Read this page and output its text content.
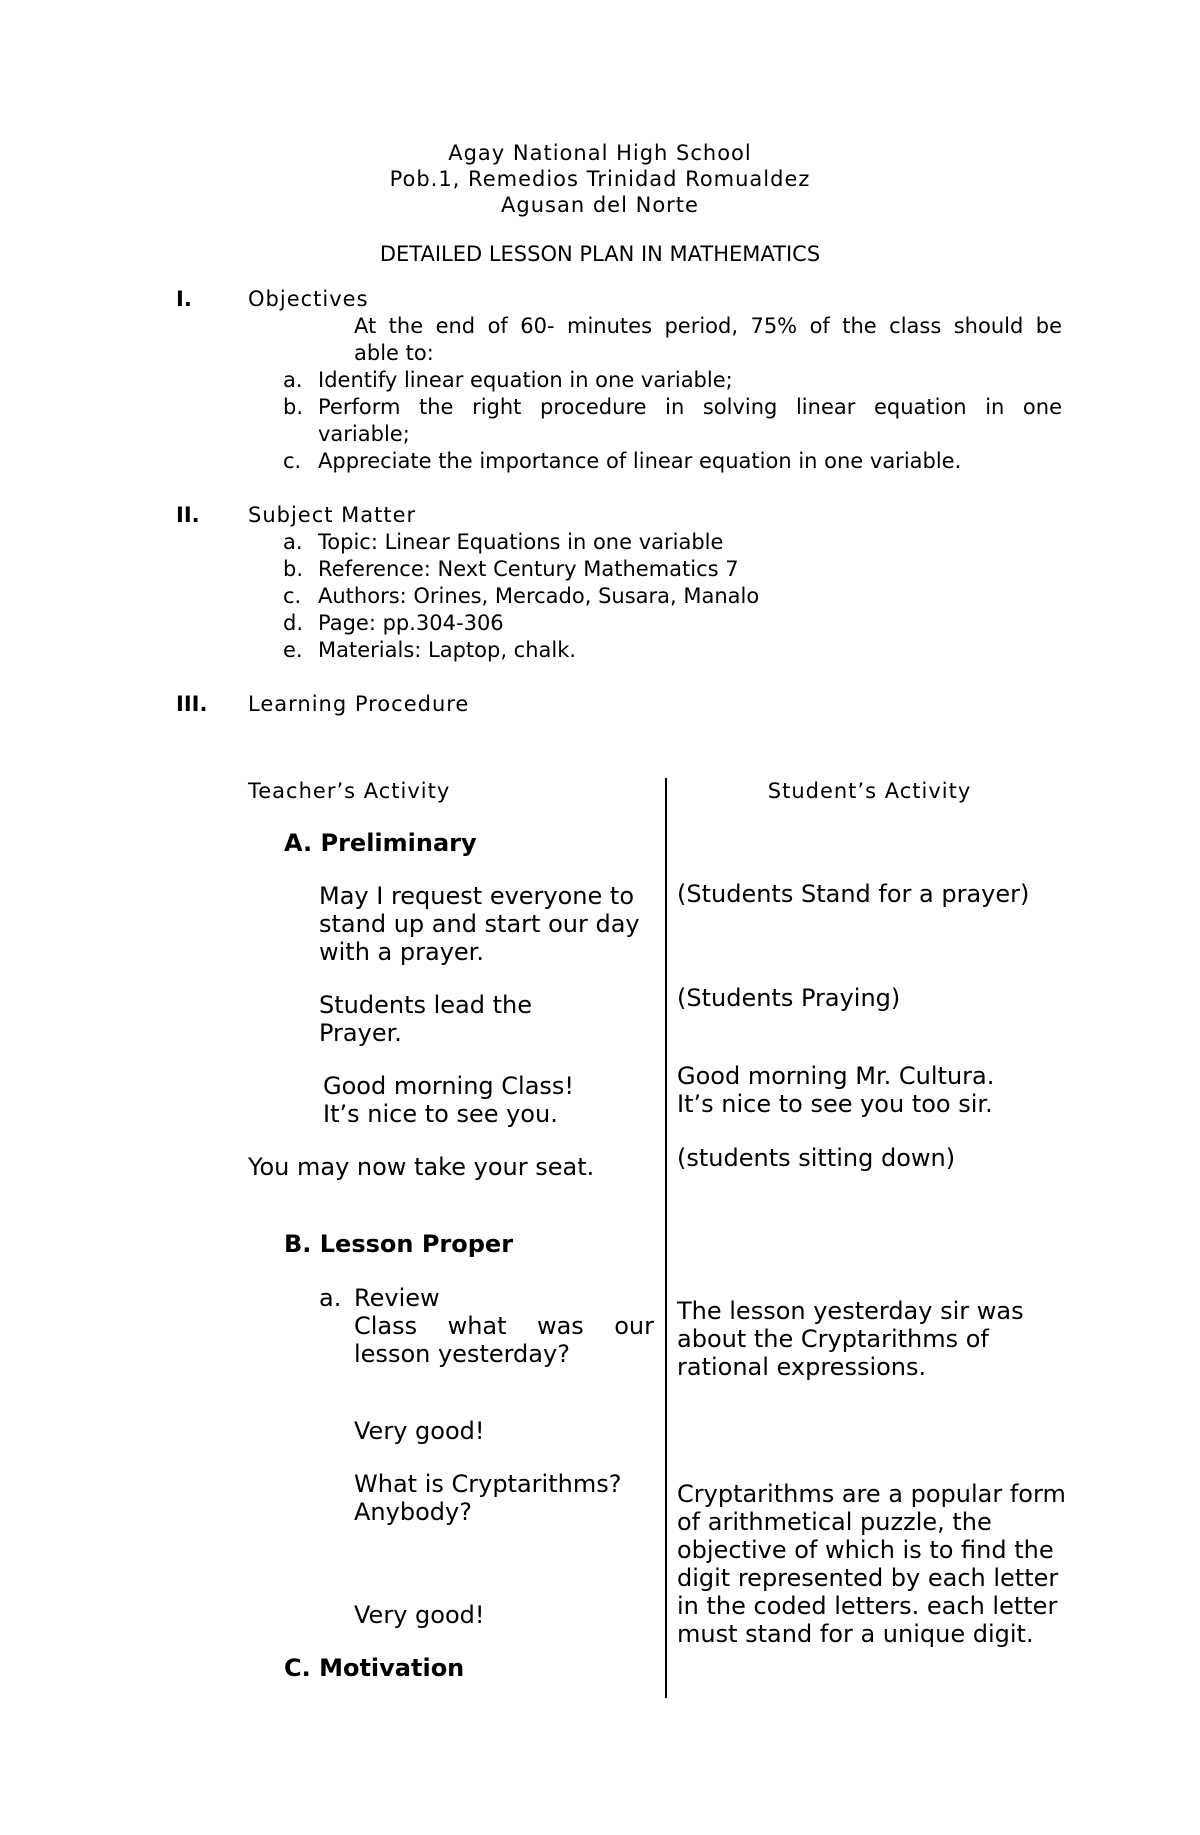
Agay National High School
Pob.1, Remedios Trinidad Romualdez
Agusan del Norte
DETAILED LESSON PLAN IN MATHEMATICS
I.	Objectives
At the end of 60- minutes period, 75% of the class should be
able to:
a. Identify linear equation in one variable;
b. Perform the right procedure in solving linear equation in one
variable;
c. Appreciate the importance of linear equation in one variable.
II. Subject Matter
a. Topic: Linear Equations in one variable
b. Reference: Next Century Mathematics 7
c. Authors: Orines, Mercado, Susara, Manalo
d. Page: pp.304-306
e. Materials: Laptop, chalk.
III. Learning Procedure
Teacher’s Activity	Student’s Activity
A. Preliminary
May I request everyone to
stand up and start our day
with a prayer.
Students lead the
Prayer.
Good morning Class!
It’s nice to see you.
You may now take your seat.
B. Lesson Proper
a. Review
Class what was our
lesson yesterday?
Very good!
What is Cryptarithms?
Anybody?
Very good!
C. Motivation
(Students Stand for a prayer)
(Students Praying)
Good morning Mr. Cultura.
It’s nice to see you too sir.
(students sitting down)
The lesson yesterday sir was
about the Cryptarithms of
rational expressions.
Cryptarithms are a popular form
of arithmetical puzzle, the
objective of which is to find the
digit represented by each letter
in the coded letters. each letter
must stand for a unique digit.
